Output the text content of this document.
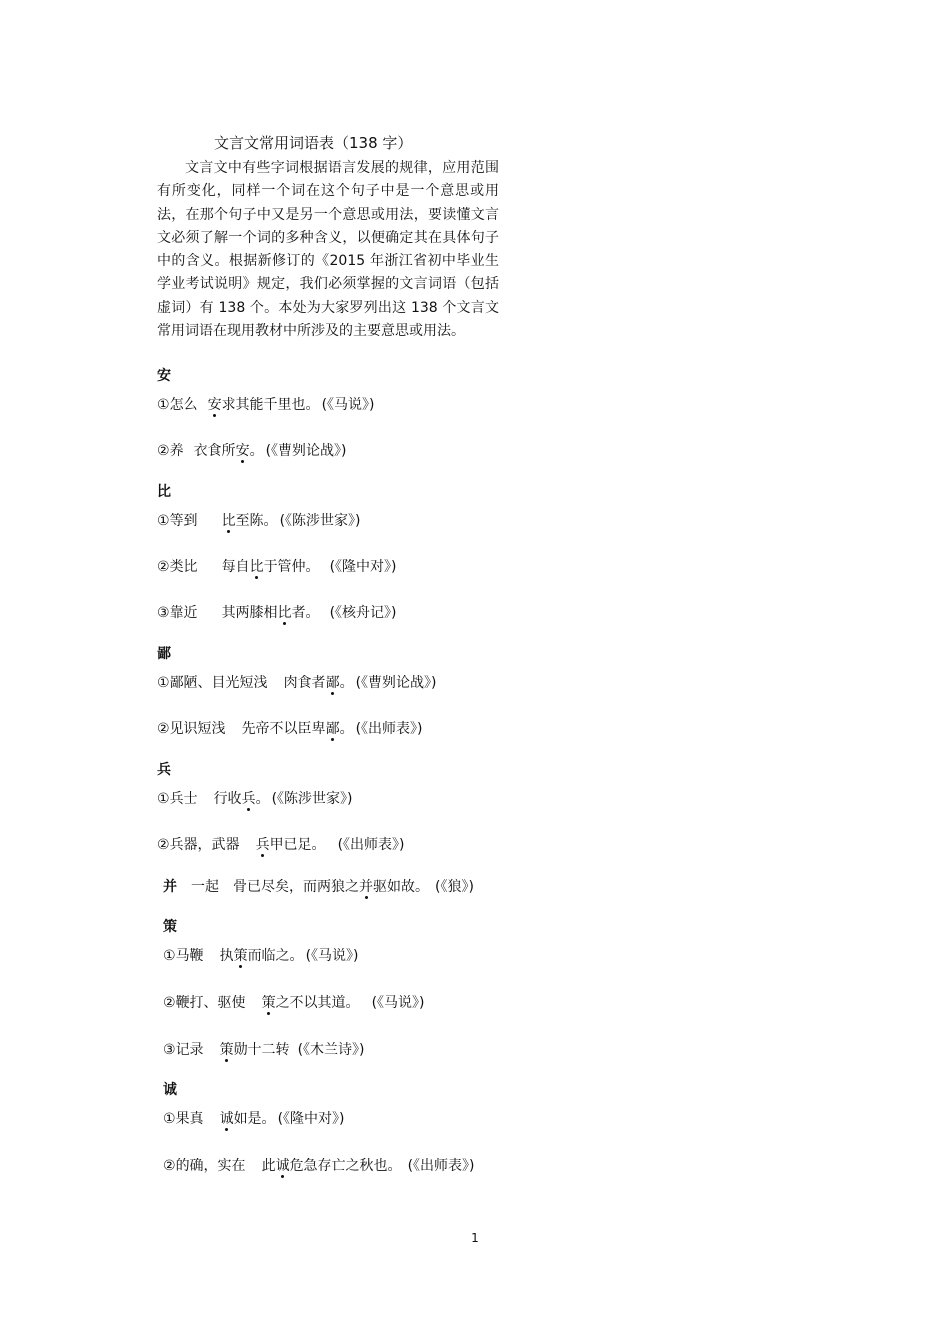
文言文常用词语表（138 字）

文言文中有些字词根据语言发展的规律，应用范围有所变化，同样一个词在这个句子中是一个意思或用法，在那个句子中又是另一个意思或用法，要读懂文言文必须了解一个词的多种含义，以便确定其在具体句子中的含义。根据新修订的《2015 年浙江省初中毕业生学业考试说明》规定，我们必须掌握的文言词语（包括虚词）有 138 个。本处为大家罗列出这 138 个文言文常用词语在现用教材中所涉及的主要意思或用法。

安
①怎么 安求其能千里也。 (《马说》)
②养 衣食所安。 (《曹刿论战》)
比
①等到 比至陈。 (《陈涉世家》)
②类比 每自比于管仲。 (《隆中对》)
③靠近 其两膝相比者。 (《核舟记》)
鄙
①鄙陋、目光短浅 肉食者鄙。 (《曹刿论战》)
②见识短浅 先帝不以臣卑鄙。 (《出师表》)
兵
①兵士 行收兵。 (《陈涉世家》)
②兵器，武器 兵甲已足。 (《出师表》)
并 一起 骨已尽矣，而两狼之并驱如故。 (《狼》)
策
①马鞭 执策而临之。 (《马说》)
②鞭打、驱使 策之不以其道。 (《马说》)
③记录 策勋十二转 (《木兰诗》)
诚
①果真 诚如是。 (《隆中对》)
②的确，实在 此诚危急存亡之秋也。 (《出师表》)
1
